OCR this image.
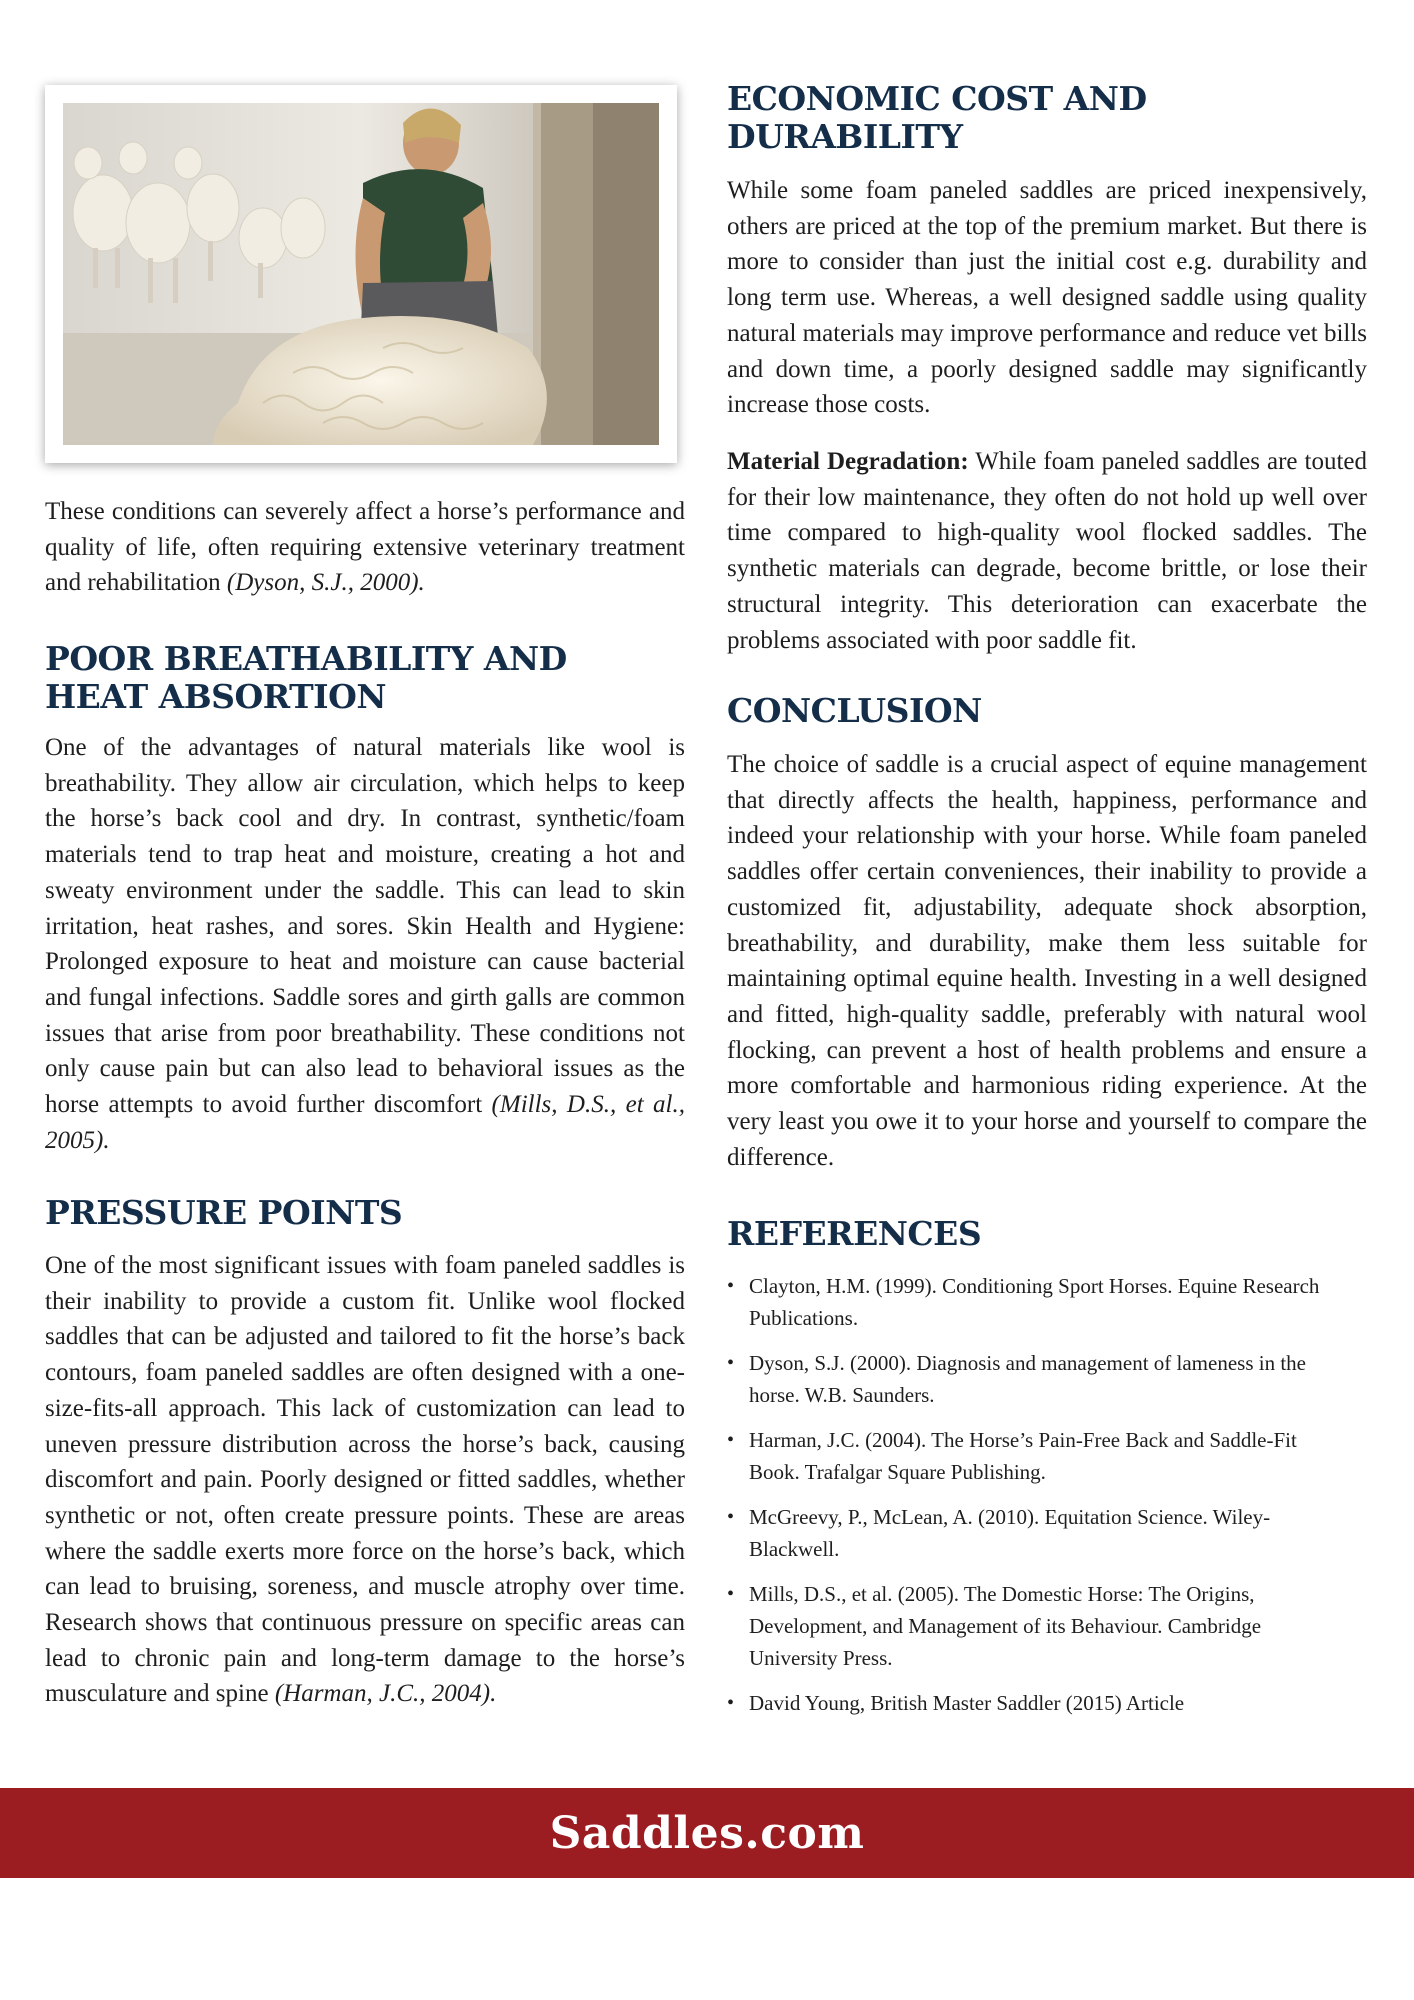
These conditions can severely affect a horse’s performance and quality of life, often requiring extensive veterinary treatment and rehabilitation (Dyson, S.J., 2000).

POOR BREATHABILITY AND
HEAT ABSORTION

One of the advantages of natural materials like wool is breathability. They allow air circulation, which helps to keep the horse’s back cool and dry. In contrast, synthetic/foam materials tend to trap heat and moisture, creating a hot and sweaty environment under the saddle. This can lead to skin irritation, heat rashes, and sores. Skin Health and Hygiene: Prolonged exposure to heat and moisture can cause bacterial and fungal infections. Saddle sores and girth galls are common issues that arise from poor breathability. These conditions not only cause pain but can also lead to behavioral issues as the horse attempts to avoid further discomfort (Mills, D.S., et al., 2005).

PRESSURE POINTS

One of the most significant issues with foam paneled saddles is their inability to provide a custom fit. Unlike wool flocked saddles that can be adjusted and tailored to fit the horse’s back contours, foam paneled saddles are often designed with a one-size-fits-all approach. This lack of customization can lead to uneven pressure distribution across the horse’s back, causing discomfort and pain. Poorly designed or fitted saddles, whether synthetic or not, often create pressure points. These are areas where the saddle exerts more force on the horse’s back, which can lead to bruising, soreness, and muscle atrophy over time. Research shows that continuous pressure on specific areas can lead to chronic pain and long-term damage to the horse’s musculature and spine (Harman, J.C., 2004).

ECONOMIC COST AND
DURABILITY

While some foam paneled saddles are priced inexpensively, others are priced at the top of the premium market. But there is more to consider than just the initial cost e.g. durability and long term use. Whereas, a well designed saddle using quality natural materials may improve performance and reduce vet bills and down time, a poorly designed saddle may significantly increase those costs.

Material Degradation: While foam paneled saddles are touted for their low maintenance, they often do not hold up well over time compared to high-quality wool flocked saddles. The synthetic materials can degrade, become brittle, or lose their structural integrity. This deterioration can exacerbate the problems associated with poor saddle fit.

CONCLUSION

The choice of saddle is a crucial aspect of equine management that directly affects the health, happiness, performance and indeed your relationship with your horse. While foam paneled saddles offer certain conveniences, their inability to provide a customized fit, adjustability, adequate shock absorption, breathability, and durability, make them less suitable for maintaining optimal equine health. Investing in a well designed and fitted, high-quality saddle, preferably with natural wool flocking, can prevent a host of health problems and ensure a more comfortable and harmonious riding experience. At the very least you owe it to your horse and yourself to compare the difference.

REFERENCES
• Clayton, H.M. (1999). Conditioning Sport Horses. Equine Research Publications.
• Dyson, S.J. (2000). Diagnosis and management of lameness in the horse. W.B. Saunders.
• Harman, J.C. (2004). The Horse’s Pain-Free Back and Saddle-Fit Book. Trafalgar Square Publishing.
• McGreevy, P., McLean, A. (2010). Equitation Science. Wiley-Blackwell.
• Mills, D.S., et al. (2005). The Domestic Horse: The Origins, Development, and Management of its Behaviour. Cambridge University Press.
• David Young, British Master Saddler (2015) Article
Saddles.com
